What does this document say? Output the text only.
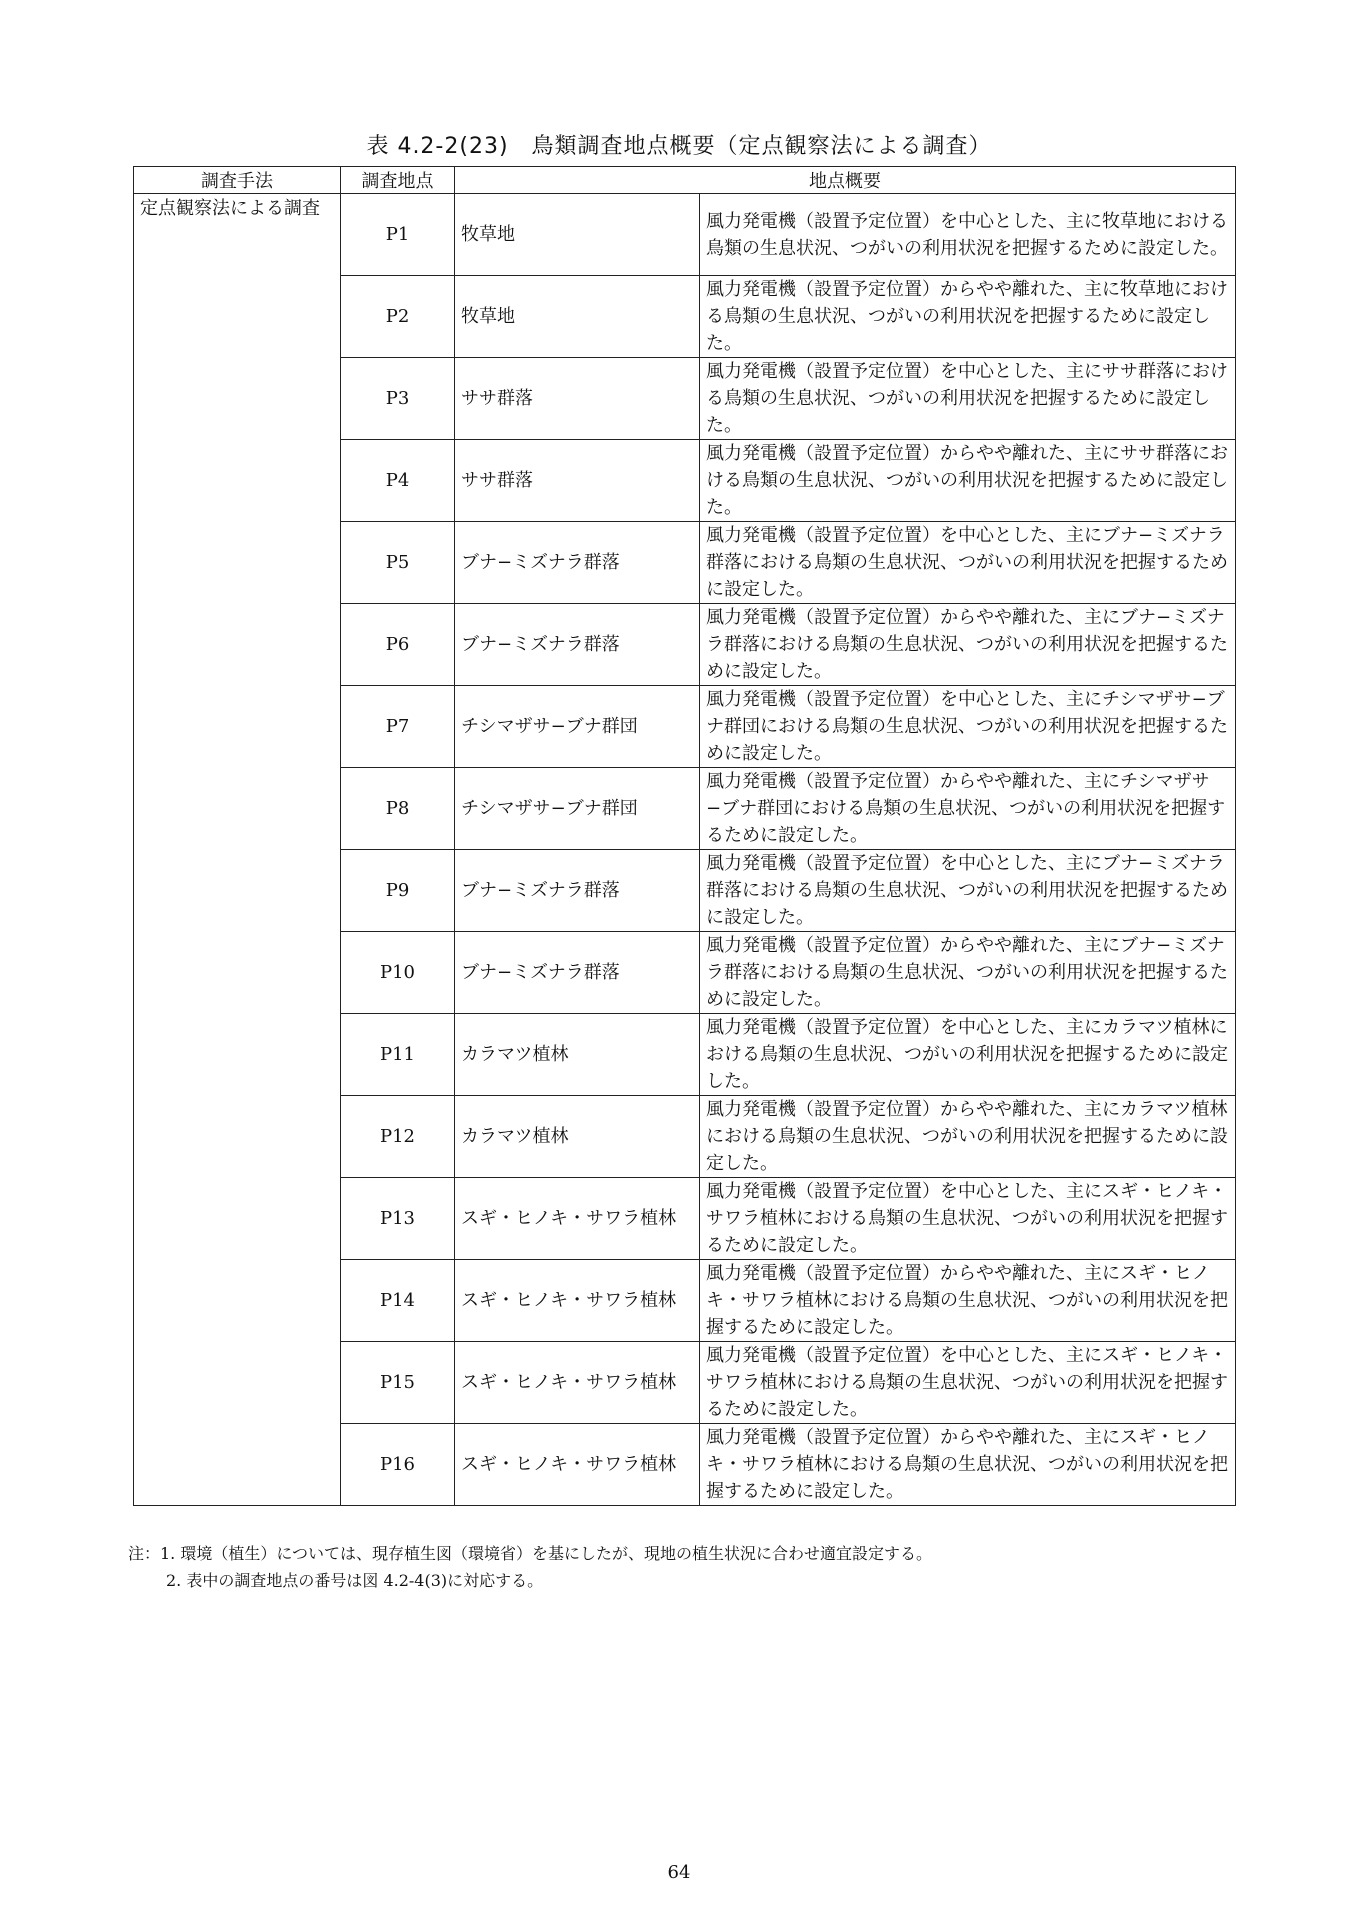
表 4.2-2(23)　鳥類調査地点概要（定点観察法による調査）
調査手法	調査地点	地点概要	
定点観察法による調査	P1	牧草地	風力発電機（設置予定位置）を中心とした、主に牧草地における鳥類の生息状況、つがいの利用状況を把握するために設定した。
	P2	牧草地	風力発電機（設置予定位置）からやや離れた、主に牧草地における鳥類の生息状況、つがいの利用状況を把握するために設定した。
	P3	ササ群落	風力発電機（設置予定位置）を中心とした、主にササ群落における鳥類の生息状況、つがいの利用状況を把握するために設定した。
	P4	ササ群落	風力発電機（設置予定位置）からやや離れた、主にササ群落における鳥類の生息状況、つがいの利用状況を把握するために設定した。
	P5	ブナ−ミズナラ群落	風力発電機（設置予定位置）を中心とした、主にブナ−ミズナラ群落における鳥類の生息状況、つがいの利用状況を把握するために設定した。
	P6	ブナ−ミズナラ群落	風力発電機（設置予定位置）からやや離れた、主にブナ−ミズナラ群落における鳥類の生息状況、つがいの利用状況を把握するために設定した。
	P7	チシマザサ−ブナ群団	風力発電機（設置予定位置）を中心とした、主にチシマザサ−ブナ群団における鳥類の生息状況、つがいの利用状況を把握するために設定した。
	P8	チシマザサ−ブナ群団	風力発電機（設置予定位置）からやや離れた、主にチシマザサ−ブナ群団における鳥類の生息状況、つがいの利用状況を把握するために設定した。
	P9	ブナ−ミズナラ群落	風力発電機（設置予定位置）を中心とした、主にブナ−ミズナラ群落における鳥類の生息状況、つがいの利用状況を把握するために設定した。
	P10	ブナ−ミズナラ群落	風力発電機（設置予定位置）からやや離れた、主にブナ−ミズナラ群落における鳥類の生息状況、つがいの利用状況を把握するために設定した。
	P11	カラマツ植林	風力発電機（設置予定位置）を中心とした、主にカラマツ植林における鳥類の生息状況、つがいの利用状況を把握するために設定した。
	P12	カラマツ植林	風力発電機（設置予定位置）からやや離れた、主にカラマツ植林における鳥類の生息状況、つがいの利用状況を把握するために設定した。
	P13	スギ・ヒノキ・サワラ植林	風力発電機（設置予定位置）を中心とした、主にスギ・ヒノキ・サワラ植林における鳥類の生息状況、つがいの利用状況を把握するために設定した。
	P14	スギ・ヒノキ・サワラ植林	風力発電機（設置予定位置）からやや離れた、主にスギ・ヒノキ・サワラ植林における鳥類の生息状況、つがいの利用状況を把握するために設定した。
	P15	スギ・ヒノキ・サワラ植林	風力発電機（設置予定位置）を中心とした、主にスギ・ヒノキ・サワラ植林における鳥類の生息状況、つがいの利用状況を把握するために設定した。
	P16	スギ・ヒノキ・サワラ植林	風力発電機（設置予定位置）からやや離れた、主にスギ・ヒノキ・サワラ植林における鳥類の生息状況、つがいの利用状況を把握するために設定した。
注：1. 環境（植生）については、現存植生図（環境省）を基にしたが、現地の植生状況に合わせ適宜設定する。
2. 表中の調査地点の番号は図 4.2-4(3)に対応する。
64
